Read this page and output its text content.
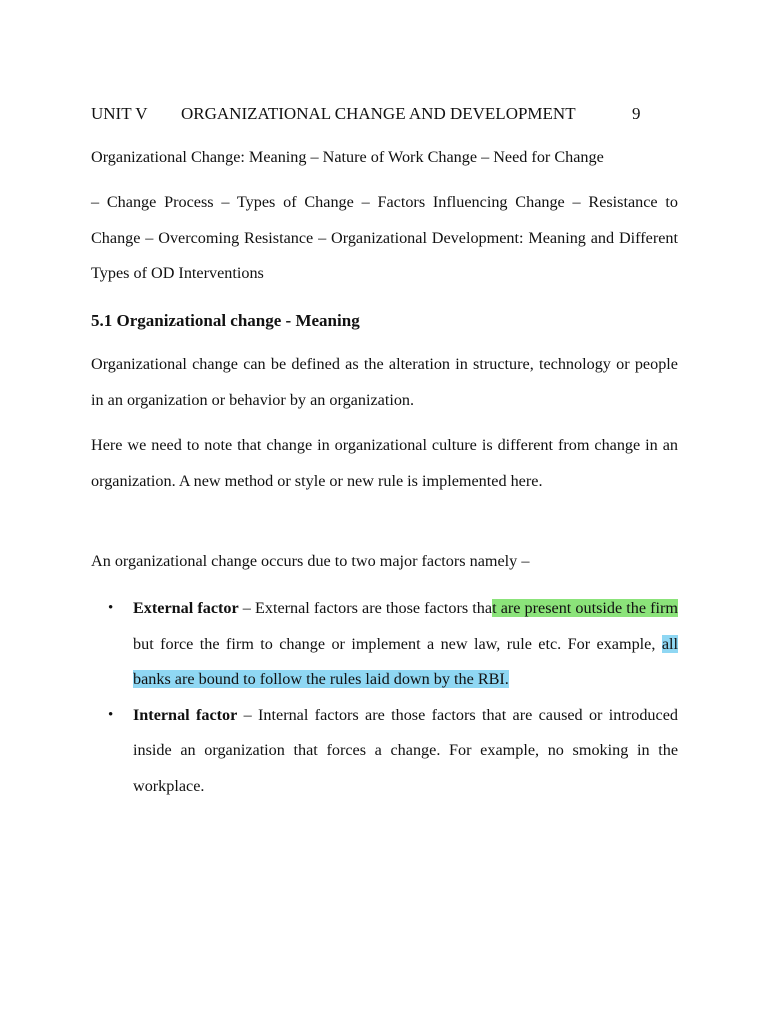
UNIT V ORGANIZATIONAL CHANGE AND DEVELOPMENT	9

Organizational Change: Meaning – Nature of Work Change – Need for Change

– Change Process – Types of Change – Factors Influencing Change – Resistance to Change – Overcoming Resistance – Organizational Development: Meaning and Different Types of OD Interventions

5.1 Organizational change - Meaning

Organizational change can be defined as the alteration in structure, technology or people in an organization or behavior by an organization.

Here we need to note that change in organizational culture is different from change in an organization. A new method or style or new rule is implemented here.

An organizational change occurs due to two major factors namely –

• External factor – External factors are those factors that are present outside the firm but force the firm to change or implement a new law, rule etc. For example, all banks are bound to follow the rules laid down by the RBI.
• Internal factor – Internal factors are those factors that are caused or introduced inside an organization that forces a change. For example, no smoking in the workplace.
